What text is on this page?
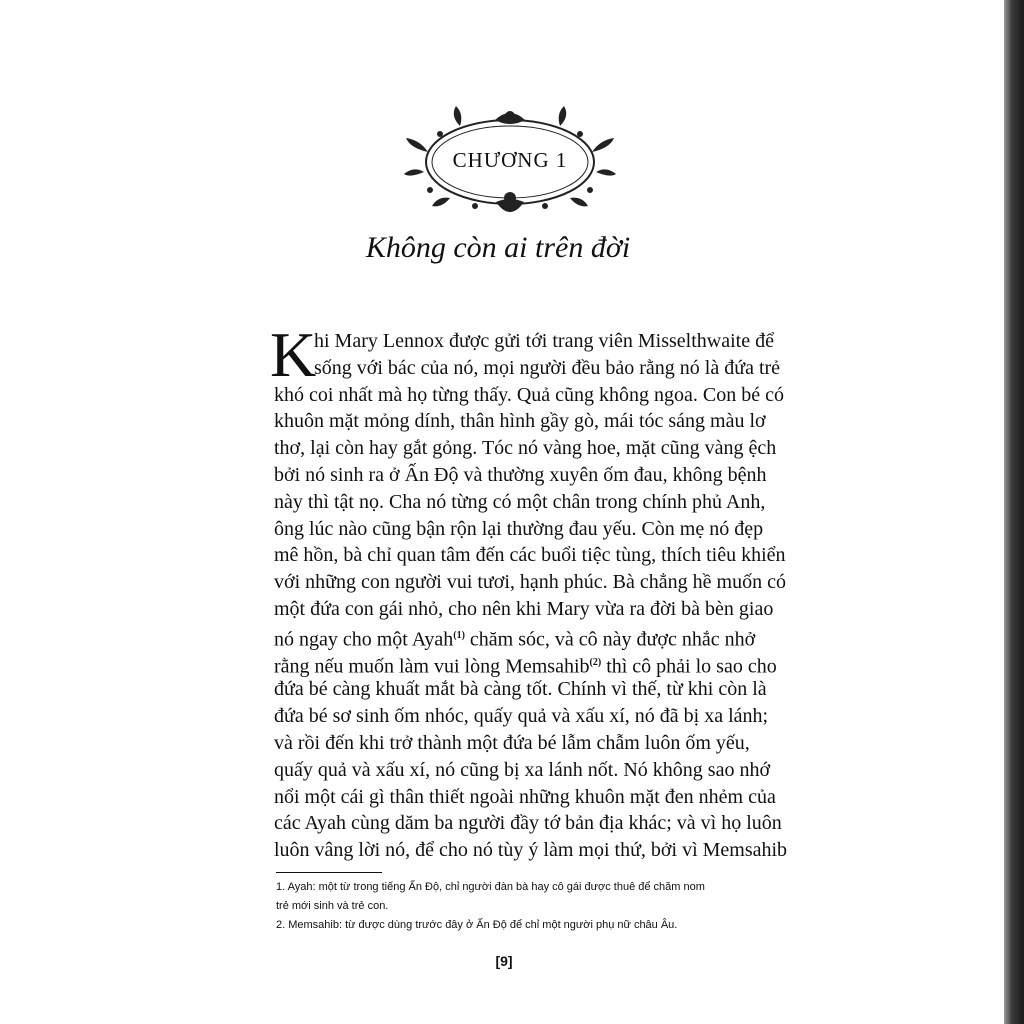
CHƯƠNG 1
Không còn ai trên đời
K
hi Mary Lennox được gửi tới trang viên Misselthwaite để
sống với bác của nó, mọi người đều bảo rằng nó là đứa trẻ
khó coi nhất mà họ từng thấy. Quả cũng không ngoa. Con bé có
khuôn mặt mỏng dính, thân hình gầy gò, mái tóc sáng màu lơ
thơ, lại còn hay gắt gỏng. Tóc nó vàng hoe, mặt cũng vàng ệch
bởi nó sinh ra ở Ấn Độ và thường xuyên ốm đau, không bệnh
này thì tật nọ. Cha nó từng có một chân trong chính phủ Anh,
ông lúc nào cũng bận rộn lại thường đau yếu. Còn mẹ nó đẹp
mê hồn, bà chỉ quan tâm đến các buổi tiệc tùng, thích tiêu khiển
với những con người vui tươi, hạnh phúc. Bà chẳng hề muốn có
một đứa con gái nhỏ, cho nên khi Mary vừa ra đời bà bèn giao
nó ngay cho một Ayah$^{(1)}$ chăm sóc, và cô này được nhắc nhở
rằng nếu muốn làm vui lòng Memsahib$^{(2)}$ thì cô phải lo sao cho
đứa bé càng khuất mắt bà càng tốt. Chính vì thế, từ khi còn là
đứa bé sơ sinh ốm nhóc, quấy quả và xấu xí, nó đã bị xa lánh;
và rồi đến khi trở thành một đứa bé lẫm chẫm luôn ốm yếu,
quấy quả và xấu xí, nó cũng bị xa lánh nốt. Nó không sao nhớ
nổi một cái gì thân thiết ngoài những khuôn mặt đen nhẻm của
các Ayah cùng dăm ba người đầy tớ bản địa khác; và vì họ luôn
luôn vâng lời nó, để cho nó tùy ý làm mọi thứ, bởi vì Memsahib
1. Ayah: một từ trong tiếng Ấn Độ, chỉ người đàn bà hay cô gái được thuê để chăm nom
trẻ mới sinh và trẻ con.
2. Memsahib: từ được dùng trước đây ở Ấn Độ để chỉ một người phụ nữ châu Âu.
[9]
